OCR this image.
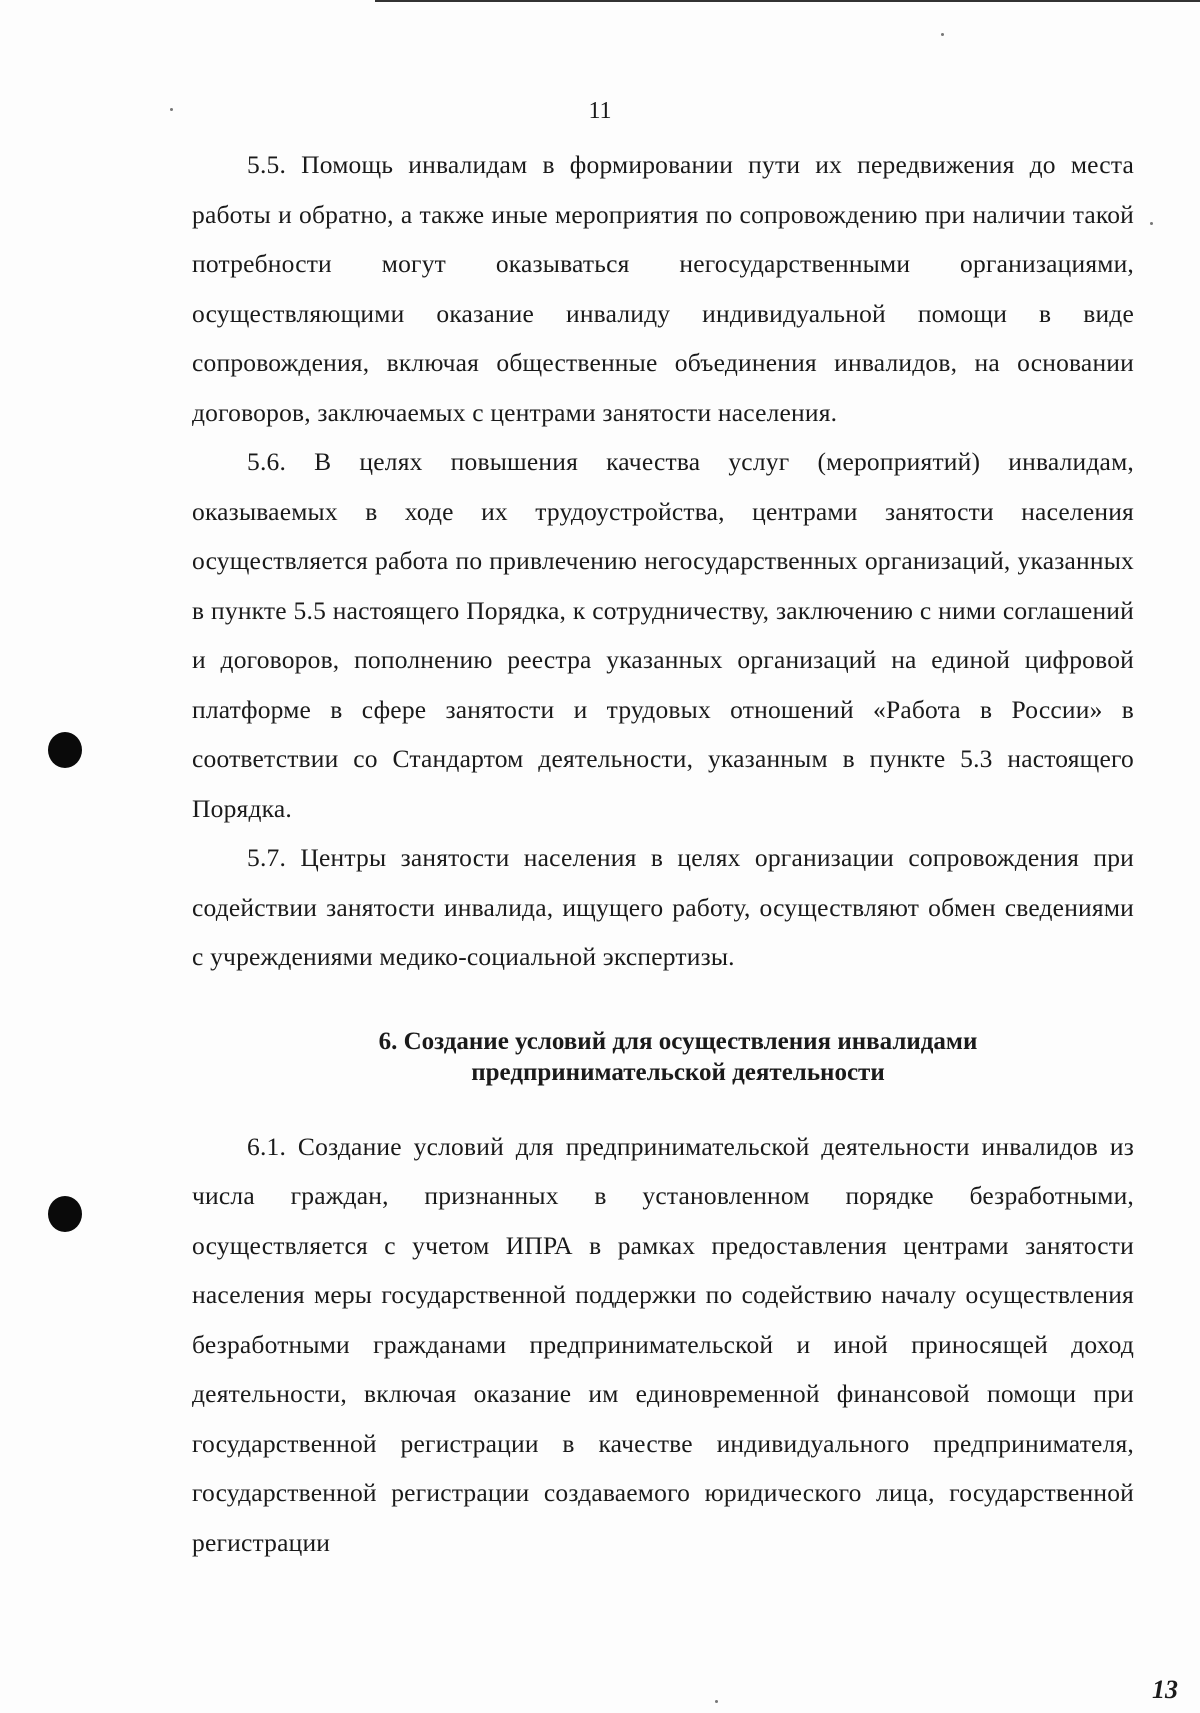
11

5.5. Помощь инвалидам в формировании пути их передвижения до места работы и обратно, а также иные мероприятия по сопровождению при наличии такой потребности могут оказываться негосударственными организациями, осуществляющими оказание инвалиду индивидуальной помощи в виде сопровождения, включая общественные объединения инвалидов, на основании договоров, заключаемых с центрами занятости населения.

5.6. В целях повышения качества услуг (мероприятий) инвалидам, оказываемых в ходе их трудоустройства, центрами занятости населения осуществляется работа по привлечению негосударственных организаций, указанных в пункте 5.5 настоящего Порядка, к сотрудничеству, заключению с ними соглашений и договоров, пополнению реестра указанных организаций на единой цифровой платформе в сфере занятости и трудовых отношений «Работа в России» в соответствии со Стандартом деятельности, указанным в пункте 5.3 настоящего Порядка.

5.7. Центры занятости населения в целях организации сопровождения при содействии занятости инвалида, ищущего работу, осуществляют обмен сведениями с учреждениями медико-социальной экспертизы.

6. Создание условий для осуществления инвалидами
предпринимательской деятельности

6.1. Создание условий для предпринимательской деятельности инвалидов из числа граждан, признанных в установленном порядке безработными, осуществляется с учетом ИПРА в рамках предоставления центрами занятости населения меры государственной поддержки по содействию началу осуществления безработными гражданами предпринимательской и иной приносящей доход деятельности, включая оказание им единовременной финансовой помощи при государственной регистрации в качестве индивидуального предпринимателя, государственной регистрации создаваемого юридического лица, государственной регистрации

13
